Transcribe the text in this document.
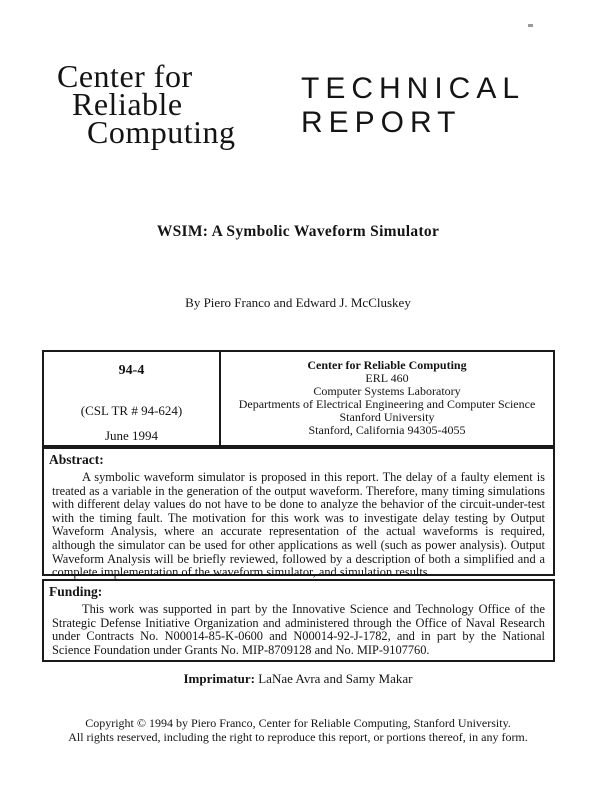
Center for
Reliable
Computing
TECHNICAL
REPORT
WSIM: A Symbolic Waveform Simulator
By Piero Franco and Edward J. McCluskey
94-4
(CSL TR # 94-624)
June 1994
Center for Reliable Computing
ERL 460
Computer Systems Laboratory
Departments of Electrical Engineering and Computer Science
Stanford University
Stanford, California 94305-4055
Abstract:

A symbolic waveform simulator is proposed in this report. The delay of a faulty element is treated as a variable in the generation of the output waveform. Therefore, many timing simulations with different delay values do not have to be done to analyze the behavior of the circuit-under-test with the timing fault. The motivation for this work was to investigate delay testing by Output Waveform Analysis, where an accurate representation of the actual waveforms is required, although the simulator can be used for other applications as well (such as power analysis). Output Waveform Analysis will be briefly reviewed, followed by a description of both a simplified and a complete implementation of the waveform simulator, and simulation results.

Funding:

This work was supported in part by the Innovative Science and Technology Office of the Strategic Defense Initiative Organization and administered through the Office of Naval Research under Contracts No. N00014-85-K-0600 and N00014-92-J-1782, and in part by the National Science Foundation under Grants No. MIP-8709128 and No. MIP-9107760.

Imprimatur: LaNae Avra and Samy Makar
Copyright © 1994 by Piero Franco, Center for Reliable Computing, Stanford University.
All rights reserved, including the right to reproduce this report, or portions thereof, in any form.
